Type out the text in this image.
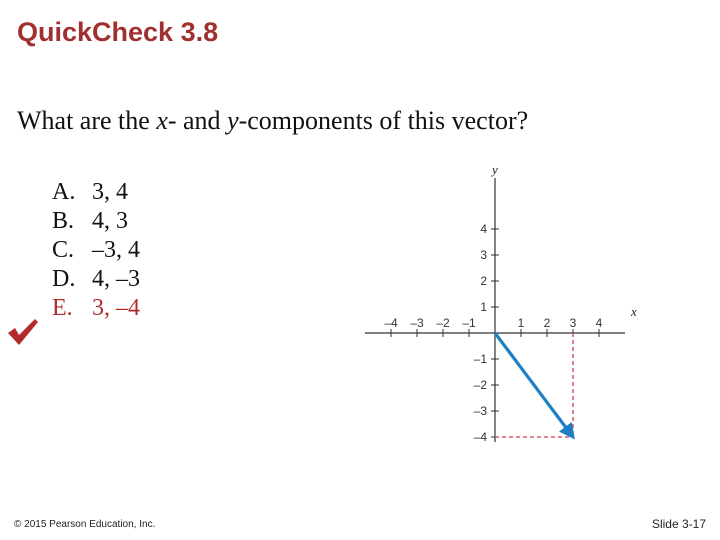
QuickCheck 3.8
What are the x- and y-components of this vector?
A. 3, 4
B. 4, 3
C. –3, 4
D. 4, –3
E. 3, –4
–4 –3 –2 –1	1 2 3 4
4
3
2
1
–1
–2
–3
–4
x
y
© 2015 Pearson Education, Inc.	Slide 3-17
